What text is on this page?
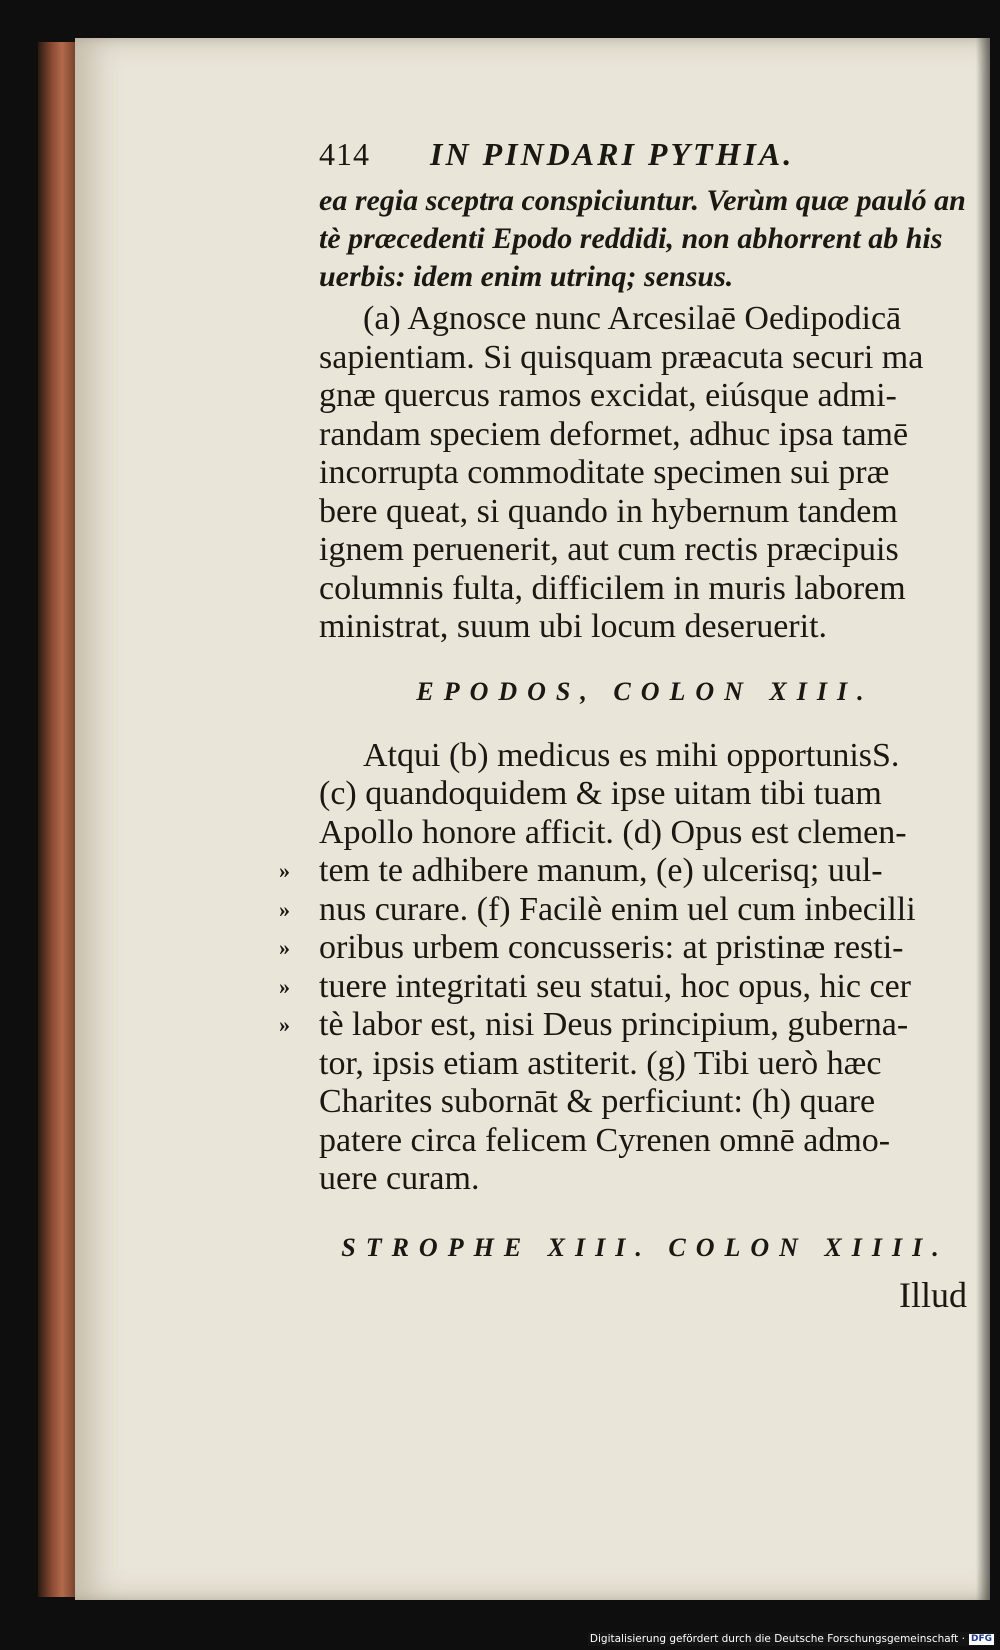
414 IN PINDARI PYTHIA.
ea regia sceptra conspiciuntur. Verùm quæ pauló an
tè præcedenti Epodo reddidi, non abhorrent ab his
uerbis: idem enim utrinq; sensus.
(a) Agnosce nunc Arcesilaē Oedipodicā
sapientiam. Si quisquam præacuta securi ma
gnæ quercus ramos excidat, eiúsque admi-
randam speciem deformet, adhuc ipsa tamē
incorrupta commoditate specimen sui præ
bere queat, si quando in hybernum tandem
ignem peruenerit, aut cum rectis præcipuis
columnis fulta, difficilem in muris laborem
ministrat, suum ubi locum deseruerit.
EPODOS, COLON XIII.
Atqui (b) medicus es mihi opportunisS.
(c) quandoquidem & ipse uitam tibi tuam
Apollo honore afficit. (d) Opus est clemen-
» tem te adhibere manum, (e) ulcerisq; uul-
» nus curare. (f) Facilè enim uel cum inbecilli
» oribus urbem concusseris: at pristinæ resti-
» tuere integritati seu statui, hoc opus, hic cer
» tè labor est, nisi Deus principium, guberna-
tor, ipsis etiam astiterit. (g) Tibi uerò hæc
Charites subornāt & perficiunt: (h) quare
patere circa felicem Cyrenen omnē admo-
uere curam.
STROPHE XIII. COLON XIIII.
Illud
Digitalisierung gefördert durch die Deutsche Forschungsgemeinschaft · DFG
